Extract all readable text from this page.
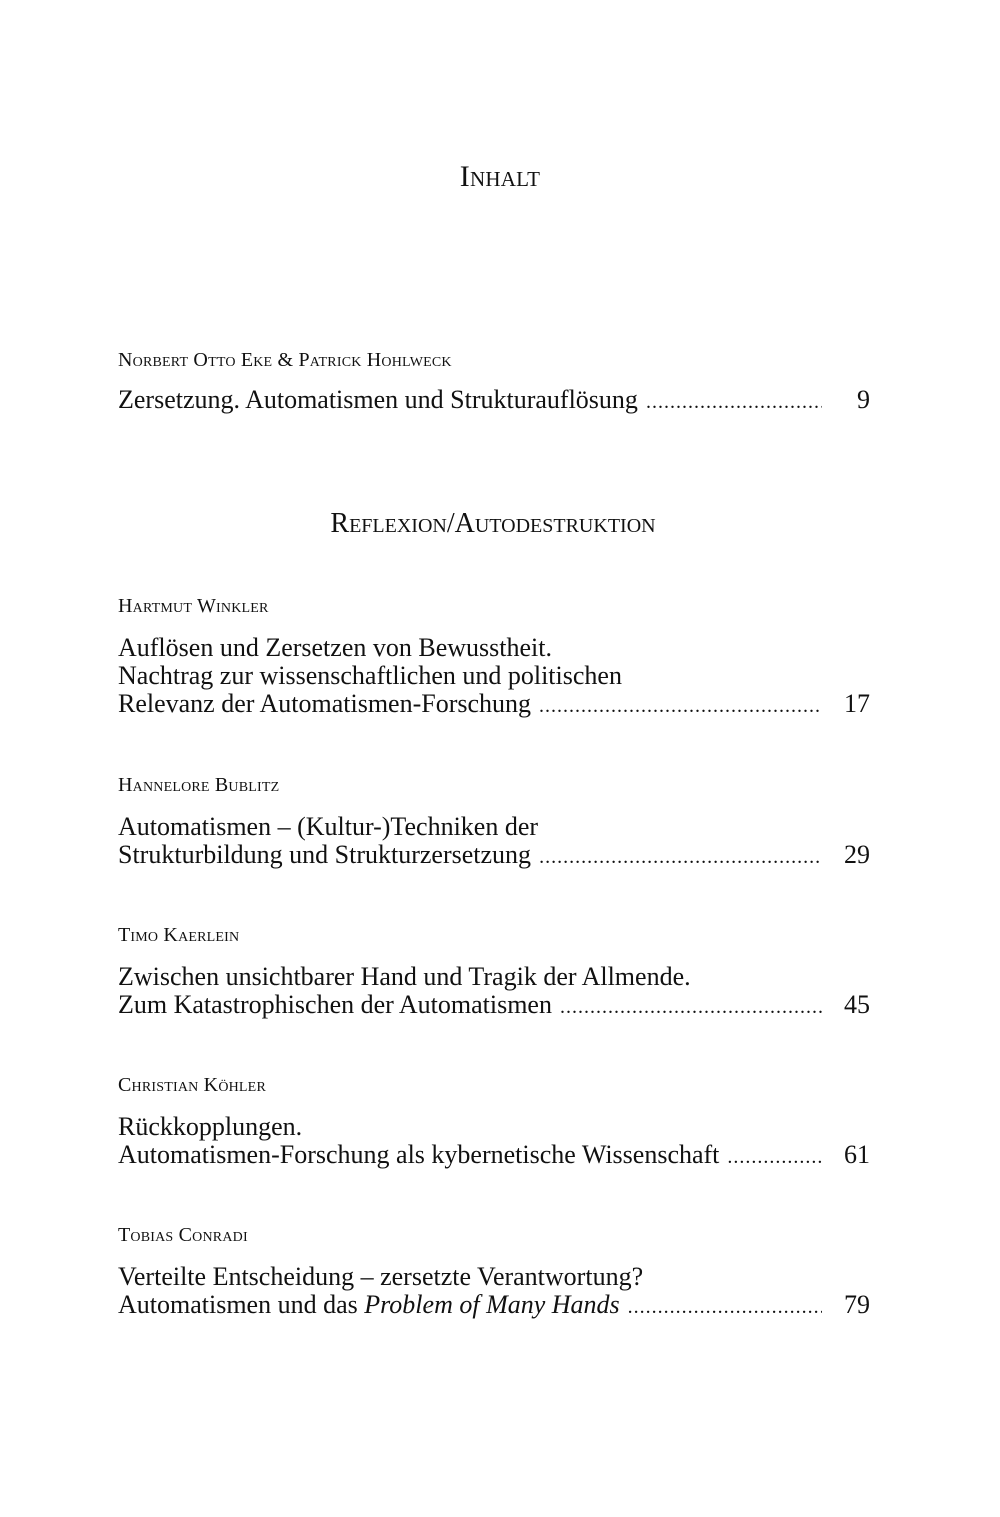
Inhalt
Norbert Otto Eke & Patrick Hohlweck
Zersetzung. Automatismen und Strukturauflösung .....	9
Reflexion/Autodestruktion
Hartmut Winkler
Auflösen und Zersetzen von Bewusstheit.
Nachtrag zur wissenschaftlichen und politischen
Relevanz der Automatismen-Forschung .....	17
Hannelore Bublitz
Automatismen – (Kultur-)Techniken der
Strukturbildung und Strukturzersetzung .....	29
Timo Kaerlein
Zwischen unsichtbarer Hand und Tragik der Allmende.
Zum Katastrophischen der Automatismen .....	45
Christian Köhler
Rückkopplungen.
Automatismen-Forschung als kybernetische Wissenschaft .....	61
Tobias Conradi
Verteilte Entscheidung – zersetzte Verantwortung?
Automatismen und das Problem of Many Hands .....	79
